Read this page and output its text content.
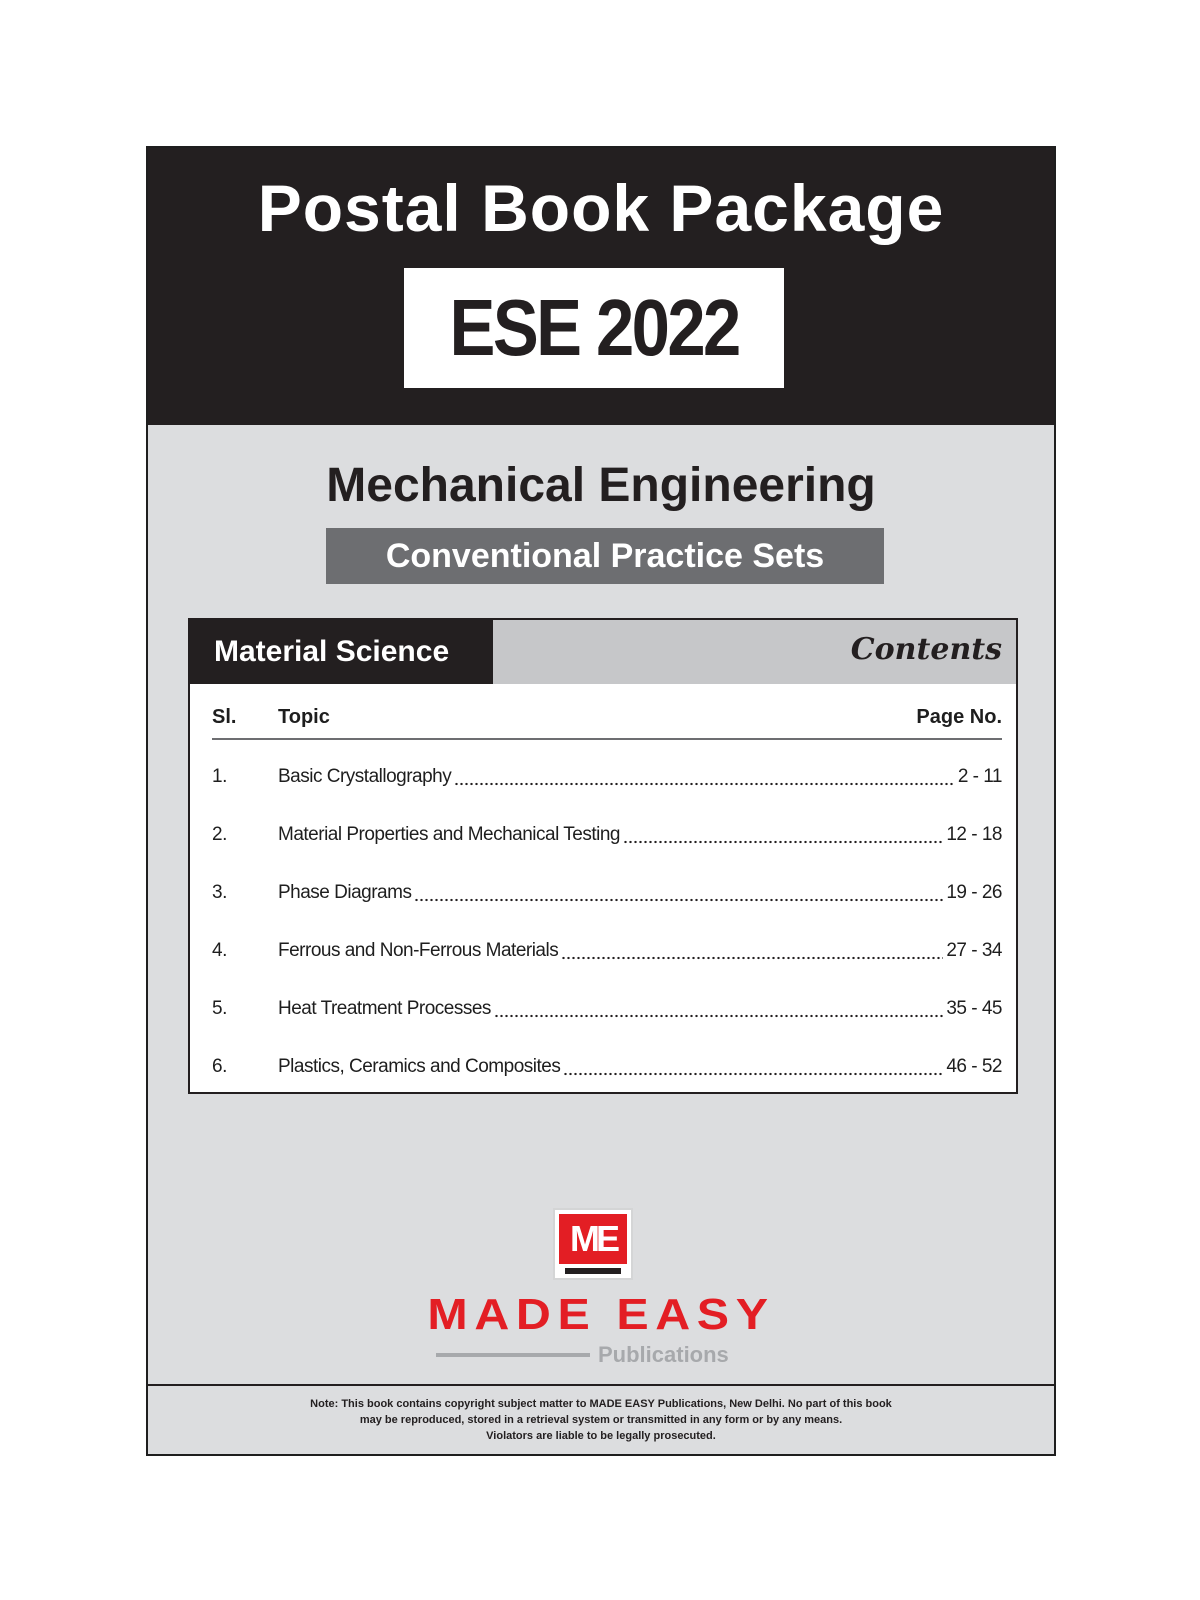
Postal Book Package
ESE 2022
Mechanical Engineering
Conventional Practice Sets
Material Science	Contents
Sl. Topic	Page No.
1.	Basic Crystallography	2 - 11
2.	Material Properties and Mechanical Testing	12 - 18
3.	Phase Diagrams	19 - 26
4.	Ferrous and Non-Ferrous Materials	27 - 34
5.	Heat Treatment Processes	35 - 45
6.	Plastics, Ceramics and Composites	46 - 52
ME
MADE EASY
Publications
Note: This book contains copyright subject matter to MADE EASY Publications, New Delhi. No part of this book
may be reproduced, stored in a retrieval system or transmitted in any form or by any means.
Violators are liable to be legally prosecuted.
